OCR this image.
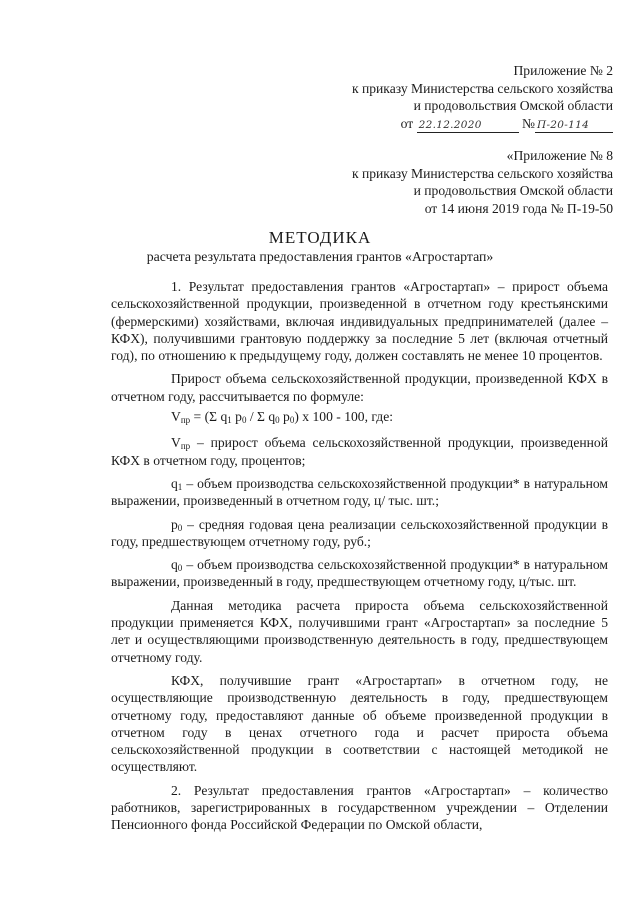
Приложение № 2
к приказу Министерства сельского хозяйства
и продовольствия Омской области
от 22.12.2020	№ П-20-114
«Приложение № 8
к приказу Министерства сельского хозяйства
и продовольствия Омской области
от 14 июня 2019 года № П-19-50
МЕТОДИКА
расчета результата предоставления грантов «Агростартап»

1. Результат предоставления грантов «Агростартап» – прирост объема сельскохозяйственной продукции, произведенной в отчетном году крестьянскими (фермерскими) хозяйствами, включая индивидуальных предпринимателей (далее – КФХ), получившими грантовую поддержку за последние 5 лет (включая отчетный год), по отношению к предыдущему году, должен составлять не менее 10 процентов.

Прирост объема сельскохозяйственной продукции, произведенной КФХ в отчетном году, рассчитывается по формуле:

$V_{пр} = (\Sigma$ $q_1$ $p_0$ / Σ $q_0$ $p_0$) х 100 - 100, где:

$V_{пр}$ – прирост объема сельскохозяйственной продукции, произведенной КФХ в отчетном году, процентов;

$q_1$ – объем производства сельскохозяйственной продукции* в натуральном выражении, произведенный в отчетном году, ц/ тыс. шт.;

$p_0$ – средняя годовая цена реализации сельскохозяйственной продукции в году, предшествующем отчетному году, руб.;

$q_0$ – объем производства сельскохозяйственной продукции* в натуральном выражении, произведенный в году, предшествующем отчетному году, ц/тыс. шт.

Данная методика расчета прироста объема сельскохозяйственной продукции применяется КФХ, получившими грант «Агростартап» за последние 5 лет и осуществляющими производственную деятельность в году, предшествующем отчетному году.

КФХ, получившие грант «Агростартап» в отчетном году, не осуществляющие производственную деятельность в году, предшествующем отчетному году, предоставляют данные об объеме произведенной продукции в отчетном году в ценах отчетного года и расчет прироста объема сельскохозяйственной продукции в соответствии с настоящей методикой не осуществляют.

2. Результат предоставления грантов «Агростартап» – количество работников, зарегистрированных в государственном учреждении – Отделении Пенсионного фонда Российской Федерации по Омской области,
